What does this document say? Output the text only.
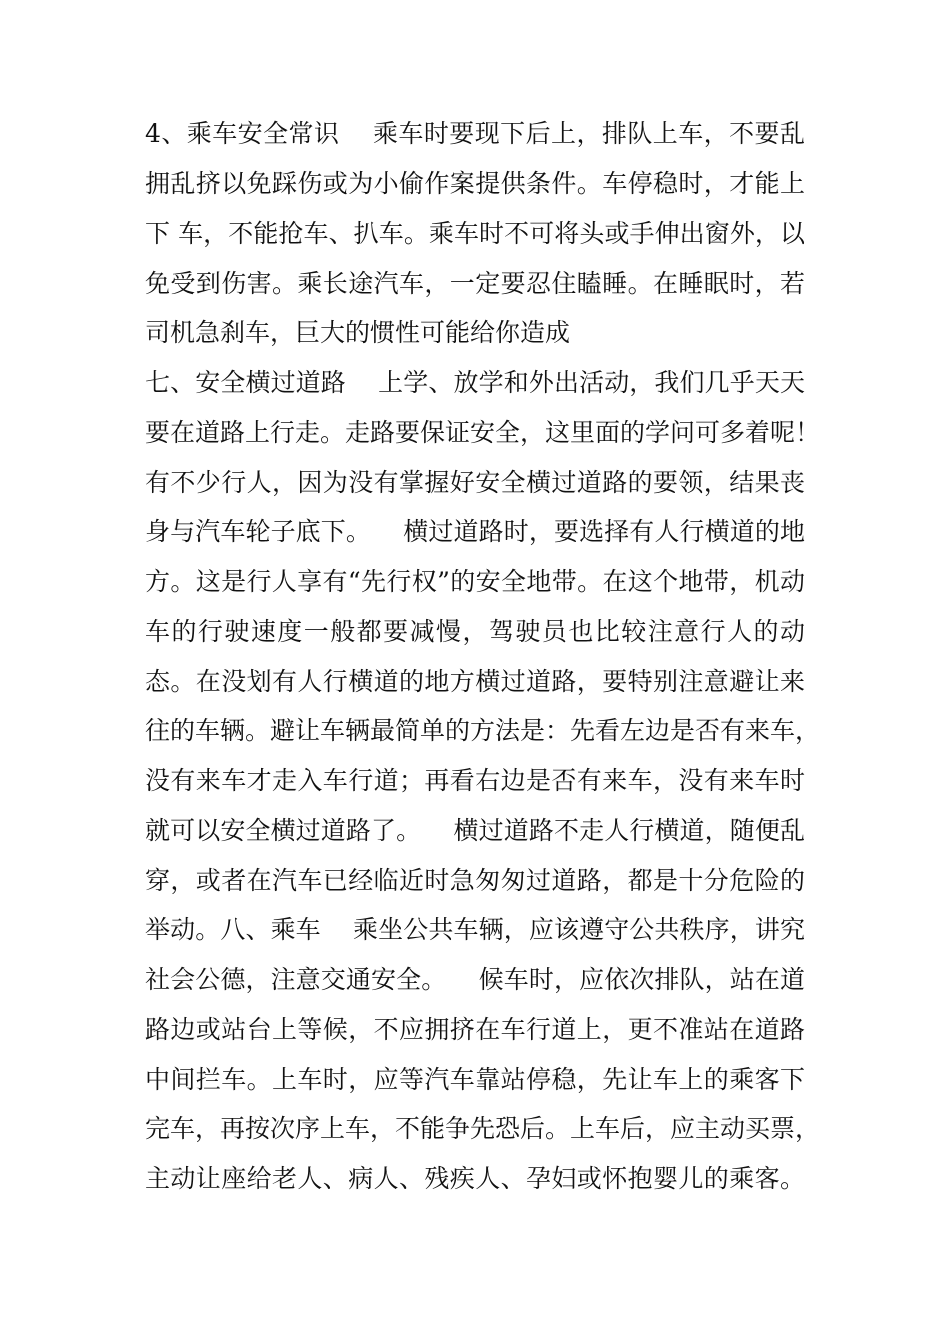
4、乘车安全常识    乘车时要现下后上，排队上车，不要乱
拥乱挤以免踩伤或为小偷作案提供条件。车停稳时，才能上
下 车，不能抢车、扒车。乘车时不可将头或手伸出窗外，以
免受到伤害。乘长途汽车，一定要忍住瞌睡。在睡眠时，若
司机急刹车，巨大的惯性可能给你造成
七、安全横过道路    上学、放学和外出活动，我们几乎天天
要在道路上行走。走路要保证安全，这里面的学问可多着呢！
有不少行人，因为没有掌握好安全横过道路的要领，结果丧
身与汽车轮子底下。    横过道路时，要选择有人行横道的地
方。这是行人享有“先行权”的安全地带。在这个地带，机动
车的行驶速度一般都要减慢，驾驶员也比较注意行人的动
态。在没划有人行横道的地方横过道路，要特别注意避让来
往的车辆。避让车辆最简单的方法是：先看左边是否有来车，
没有来车才走入车行道；再看右边是否有来车，没有来车时
就可以安全横过道路了。    横过道路不走人行横道，随便乱
穿，或者在汽车已经临近时急匆匆过道路，都是十分危险的
举动。八、乘车    乘坐公共车辆，应该遵守公共秩序，讲究
社会公德，注意交通安全。    候车时，应依次排队，站在道
路边或站台上等候，不应拥挤在车行道上，更不准站在道路
中间拦车。上车时，应等汽车靠站停稳，先让车上的乘客下
完车，再按次序上车，不能争先恐后。上车后，应主动买票，
主动让座给老人、病人、残疾人、孕妇或怀抱婴儿的乘客。
